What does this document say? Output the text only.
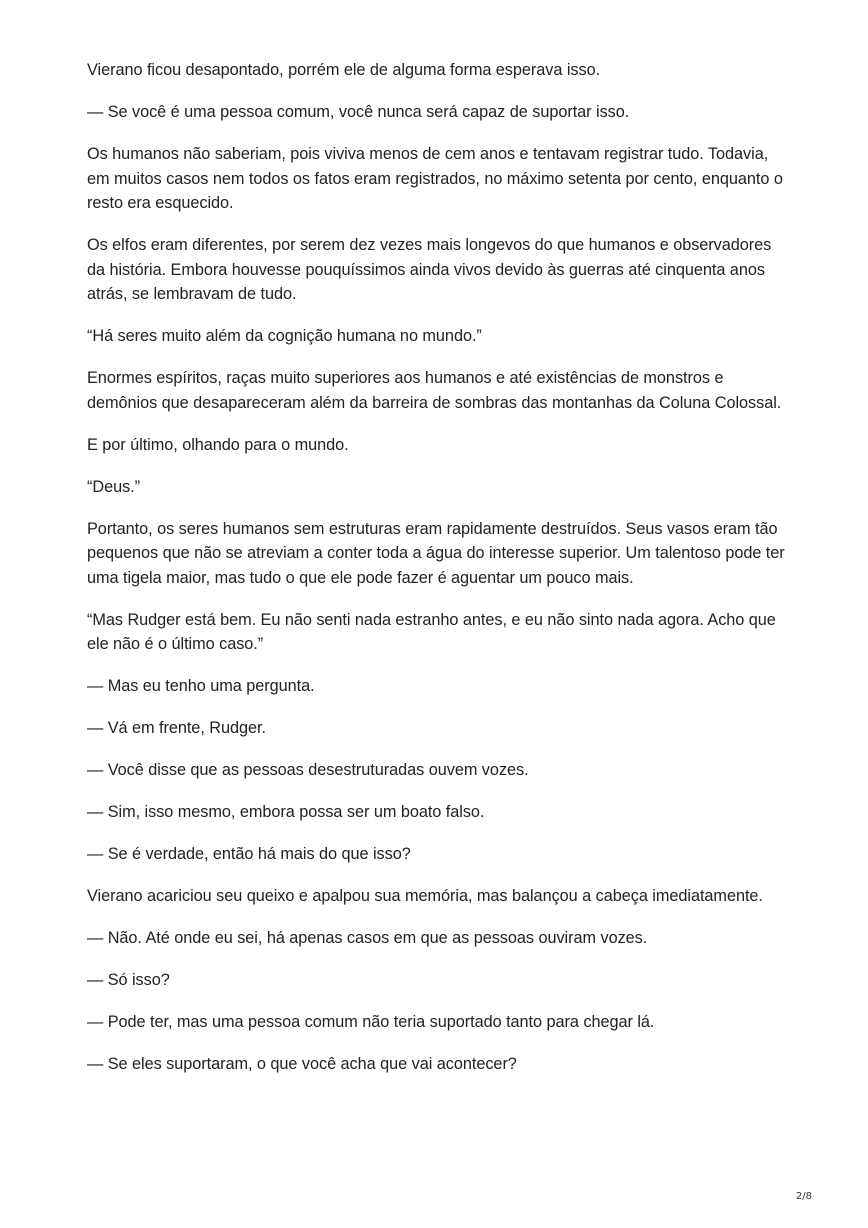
Vierano ficou desapontado, porrém ele de alguma forma esperava isso.

— Se você é uma pessoa comum, você nunca será capaz de suportar isso.

Os humanos não saberiam, pois viviva menos de cem anos e tentavam registrar tudo. Todavia, em muitos casos nem todos os fatos eram registrados, no máximo setenta por cento, enquanto o resto era esquecido.

Os elfos eram diferentes, por serem dez vezes mais longevos do que humanos e observadores da história. Embora houvesse pouquíssimos ainda vivos devido às guerras até cinquenta anos atrás, se lembravam de tudo.

“Há seres muito além da cognição humana no mundo.”

Enormes espíritos, raças muito superiores aos humanos e até existências de monstros e demônios que desapareceram além da barreira de sombras das montanhas da Coluna Colossal.

E por último, olhando para o mundo.

“Deus.”

Portanto, os seres humanos sem estruturas eram rapidamente destruídos. Seus vasos eram tão pequenos que não se atreviam a conter toda a água do interesse superior. Um talentoso pode ter uma tigela maior, mas tudo o que ele pode fazer é aguentar um pouco mais.

“Mas Rudger está bem. Eu não senti nada estranho antes, e eu não sinto nada agora. Acho que ele não é o último caso.”

— Mas eu tenho uma pergunta.

— Vá em frente, Rudger.

— Você disse que as pessoas desestruturadas ouvem vozes.

— Sim, isso mesmo, embora possa ser um boato falso.

— Se é verdade, então há mais do que isso?

Vierano acariciou seu queixo e apalpou sua memória, mas balançou a cabeça imediatamente.

— Não. Até onde eu sei, há apenas casos em que as pessoas ouviram vozes.

— Só isso?

— Pode ter, mas uma pessoa comum não teria suportado tanto para chegar lá.

— Se eles suportaram, o que você acha que vai acontecer?

2/8
